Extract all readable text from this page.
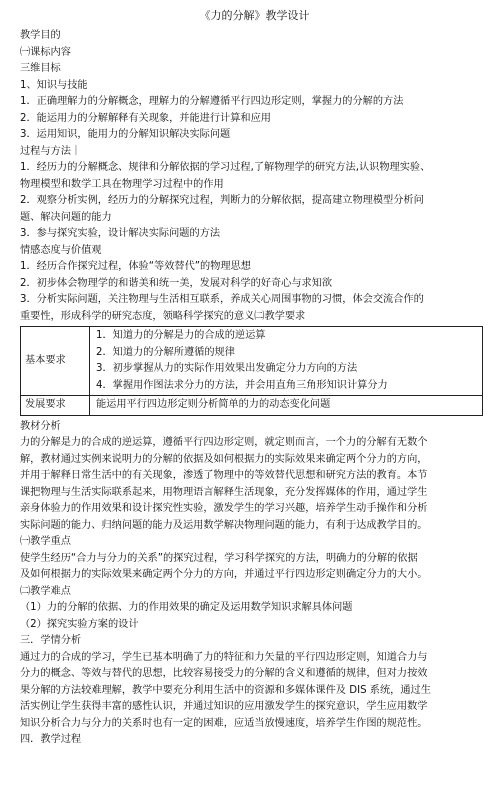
《力的分解》教学设计
教学目的
㈠课标内容
三维目标
1、知识与技能
1．正确理解力的分解概念，理解力的分解遵循平行四边形定则，掌握力的分解的方法
2．能运用力的分解解释有关现象，并能进行计算和应用
3．运用知识，能用力的分解知识解决实际问题
过程与方法｜
1．经历力的分解概念、规律和分解依据的学习过程,了解物理学的研究方法,认识物理实验、
物理模型和数学工具在物理学习过程中的作用
2．观察分析实例，经历力的分解探究过程，判断力的分解依据，提高建立物理模型分析问
题、解决问题的能力
3．参与探究实验，设计解决实际问题的方法
情感态度与价值观
1．经历合作探究过程，体验“等效替代”的物理思想
2．初步体会物理学的和谐美和统一美，发展对科学的好奇心与求知欲
3．分析实际问题，关注物理与生活相互联系，养成关心周围事物的习惯，体会交流合作的
重要性，形成科学的研究态度，领略科学探究的意义㈡教学要求
基本要求	1．知道力的分解是力的合成的逆运算
2．知道力的分解所遵循的规律
3．初步掌握从力的实际作用效果出发确定分力方向的方法
4．掌握用作图法求分力的方法，并会用直角三角形知识计算分力

发展要求	能运用平行四边形定则分析简单的力的动态变化问题
教材分析
力的分解是力的合成的逆运算，遵循平行四边形定则，就定则而言，一个力的分解有无数个
解，教材通过实例来说明力的分解的依据及如何根据力的实际效果来确定两个分力的方向，
并用于解释日常生活中的有关现象，渗透了物理中的等效替代思想和研究方法的教育。本节
课把物理与生活实际联系起来，用物理语言解释生活现象，充分发挥媒体的作用，通过学生
亲身体验力的作用效果和设计探究性实验，激发学生的学习兴趣，培养学生动手操作和分析
实际问题的能力、归纳问题的能力及运用数学解决物理问题的能力，有利于达成教学目的。
㈠教学重点
使学生经历“合力与分力的关系”的探究过程，学习科学探究的方法，明确力的分解的依据
及如何根据力的实际效果来确定两个分力的方向，并通过平行四边形定则确定分力的大小。
㈡教学难点
（1）力的分解的依据、力的作用效果的确定及运用数学知识求解具体问题
（2）探究实验方案的设计
三．学情分析
通过力的合成的学习，学生已基本明确了力的特征和力矢量的平行四边形定则，知道合力与
分力的概念、等效与替代的思想，比较容易接受力的分解的含义和遵循的规律，但对力按效
果分解的方法较难理解，教学中要充分利用生活中的资源和多媒体课件及 DIS 系统，通过生
活实例让学生获得丰富的感性认识，并通过知识的应用激发学生的探究意识，学生应用数学
知识分析合力与分力的关系时也有一定的困难，应适当放慢速度，培养学生作图的规范性。
四．教学过程
